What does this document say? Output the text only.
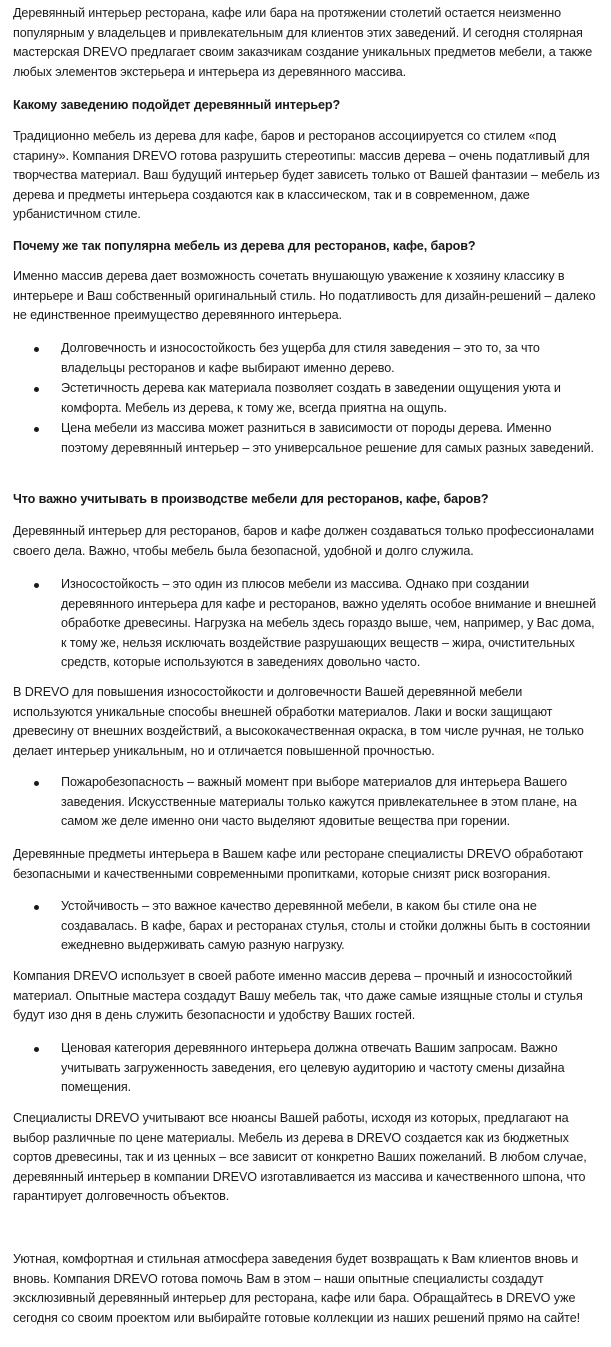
Деревянный интерьер ресторана, кафе или бара на протяжении столетий остается неизменно популярным у владельцев и привлекательным для клиентов этих заведений. И сегодня столярная мастерская DREVO предлагает своим заказчикам создание уникальных предметов мебели, а также любых элементов экстерьера и интерьера из деревянного массива.

Какому заведению подойдет деревянный интерьер?

Традиционно мебель из дерева для кафе, баров и ресторанов ассоциируется со стилем «под старину». Компания DREVO готова разрушить стереотипы: массив дерева – очень податливый для творчества материал. Ваш будущий интерьер будет зависеть только от Вашей фантазии – мебель из дерева и предметы интерьера создаются как в классическом, так и в современном, даже урбанистичном стиле.

Почему же так популярна мебель из дерева для ресторанов, кафе, баров?

Именно массив дерева дает возможность сочетать внушающую уважение к хозяину классику в интерьере и Ваш собственный оригинальный стиль. Но податливость для дизайн-решений – далеко не единственное преимущество деревянного интерьера.

Долговечность и износостойкость без ущерба для стиля заведения – это то, за что владельцы ресторанов и кафе выбирают именно дерево.
Эстетичность дерева как материала позволяет создать в заведении ощущения уюта и комфорта. Мебель из дерева, к тому же, всегда приятна на ощупь.
Цена мебели из массива может разниться в зависимости от породы дерева. Именно поэтому деревянный интерьер – это универсальное решение для самых разных заведений.

Что важно учитывать в производстве мебели для ресторанов, кафе, баров?

Деревянный интерьер для ресторанов, баров и кафе должен создаваться только профессионалами своего дела. Важно, чтобы мебель была безопасной, удобной и долго служила.

Износостойкость – это один из плюсов мебели из массива. Однако при создании деревянного интерьера для кафе и ресторанов, важно уделять особое внимание и внешней обработке древесины. Нагрузка на мебель здесь гораздо выше, чем, например, у Вас дома, к тому же, нельзя исключать воздействие разрушающих веществ – жира, очистительных средств, которые используются в заведениях довольно часто.

В DREVO для повышения износостойкости и долговечности Вашей деревянной мебели используются уникальные способы внешней обработки материалов. Лаки и воски защищают древесину от внешних воздействий, а высококачественная окраска, в том числе ручная, не только делает интерьер уникальным, но и отличается повышенной прочностью.

Пожаробезопасность – важный момент при выборе материалов для интерьера Вашего заведения. Искусственные материалы только кажутся привлекательнее в этом плане, на самом же деле именно они часто выделяют ядовитые вещества при горении.

Деревянные предметы интерьера в Вашем кафе или ресторане специалисты DREVO обработают безопасными и качественными современными пропитками, которые снизят риск возгорания.

Устойчивость – это важное качество деревянной мебели, в каком бы стиле она не создавалась. В кафе, барах и ресторанах стулья, столы и стойки должны быть в состоянии ежедневно выдерживать самую разную нагрузку.

Компания DREVO использует в своей работе именно массив дерева – прочный и износостойкий материал. Опытные мастера создадут Вашу мебель так, что даже самые изящные столы и стулья будут изо дня в день служить безопасности и удобству Ваших гостей.

Ценовая категория деревянного интерьера должна отвечать Вашим запросам. Важно учитывать загруженность заведения, его целевую аудиторию и частоту смены дизайна помещения.

Специалисты DREVO учитывают все нюансы Вашей работы, исходя из которых, предлагают на выбор различные по цене материалы. Мебель из дерева в DREVO создается как из бюджетных сортов древесины, так и из ценных – все зависит от конкретно Ваших пожеланий. В любом случае, деревянный интерьер в компании DREVO изготавливается из массива и качественного шпона, что гарантирует долговечность объектов.

Уютная, комфортная и стильная атмосфера заведения будет возвращать к Вам клиентов вновь и вновь. Компания DREVO готова помочь Вам в этом – наши опытные специалисты создадут эксклюзивный деревянный интерьер для ресторана, кафе или бара. Обращайтесь в DREVO уже сегодня со своим проектом или выбирайте готовые коллекции из наших решений прямо на сайте!
